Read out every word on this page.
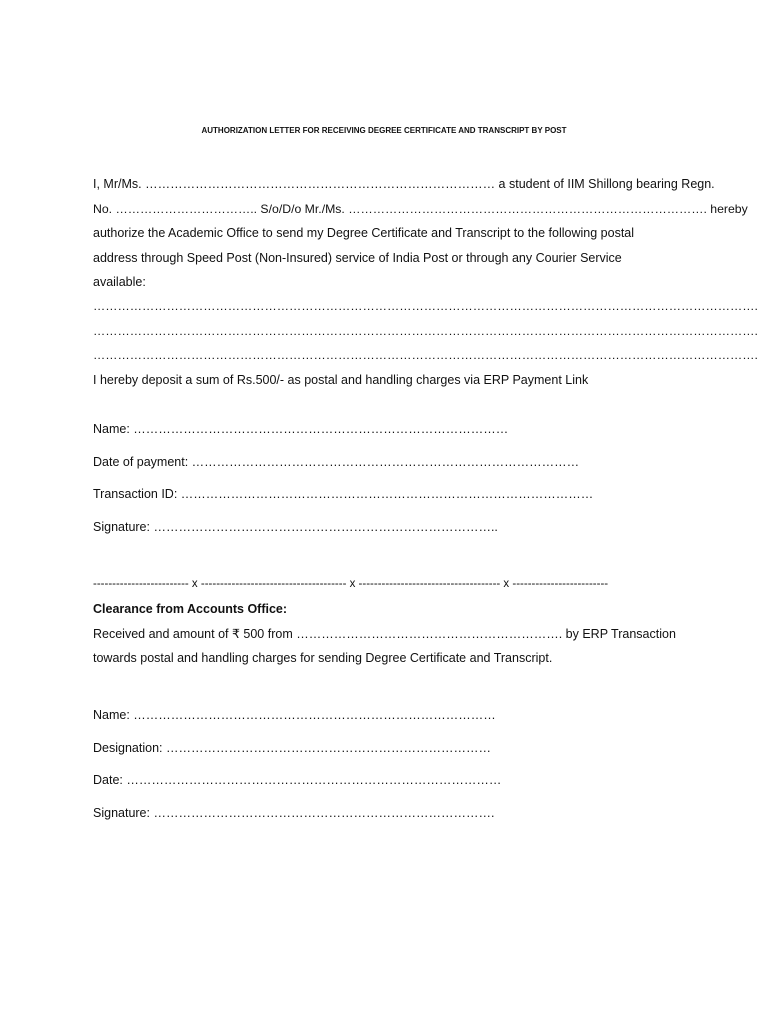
AUTHORIZATION LETTER FOR RECEIVING DEGREE CERTIFICATE AND TRANSCRIPT BY POST

I, Mr/Ms. ………………………………………………………………………… a student of IIM Shillong bearing Regn.

No. …………………………….. S/o/D/o Mr./Ms. ……………………………………………………………………………. hereby

authorize the Academic Office to send my Degree Certificate and Transcript to the following postal

address through Speed Post (Non-Insured) service of India Post or through any Courier Service

available:

……………………………………………………………………………………………………………………………………………….

……………………………………………………………………………………………………………………………………………….

……………………………………………………………………………………………………………………………………………….

I hereby deposit a sum of Rs.500/- as postal and handling charges via ERP Payment Link

Name: ………………………………………………………………………………

Date of payment: …………………………………………………………………………………

Transaction ID: ………………………………………………………………………………………

Signature: ………………………………………………………………………..

------------------------- x -------------------------------------- x ------------------------------------- x -------------------------

Clearance from Accounts Office:

Received and amount of ₹ 500 from ………………………………………………………. by ERP Transaction

towards postal and handling charges for sending Degree Certificate and Transcript.

Name: ……………………………………………………………………………

Designation: ……………………………………………………………………

Date: ………………………………………………………………………………

Signature: ……………………………………………………………………….
